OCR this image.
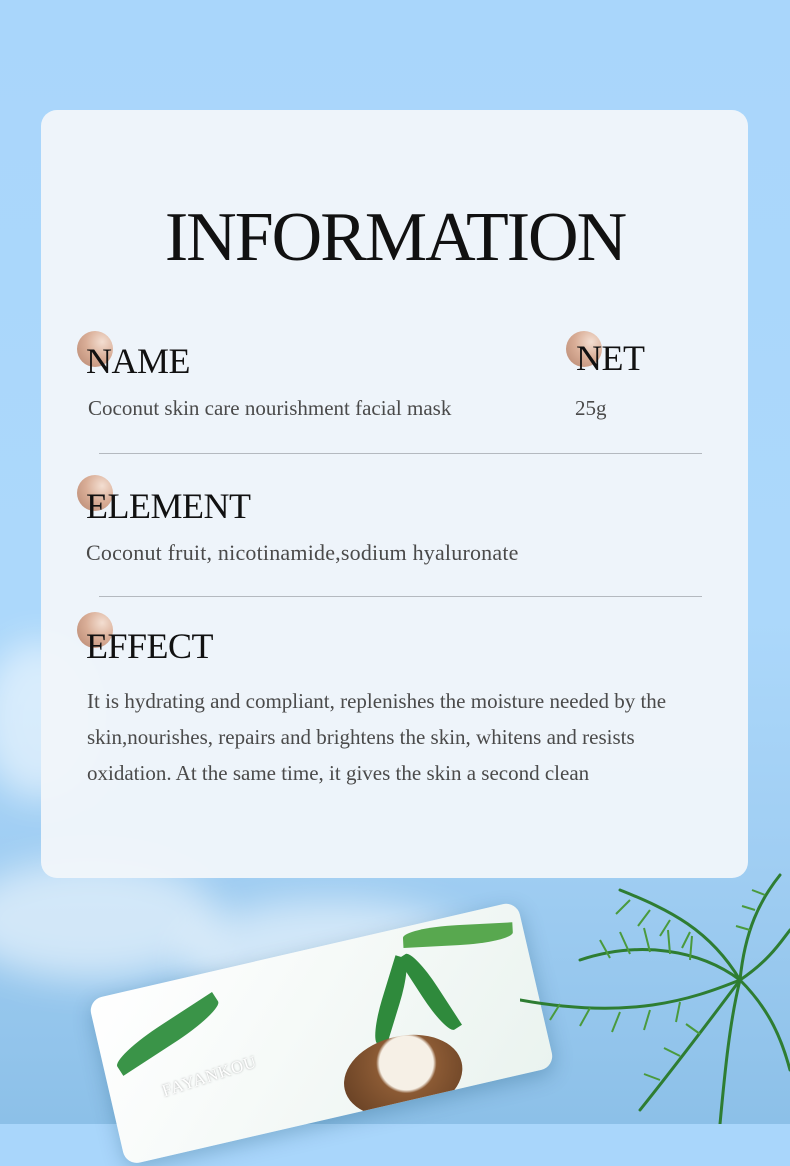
INFORMATION
NAME
Coconut skin care nourishment facial mask
NET
25g
ELEMENT
Coconut fruit, nicotinamide,sodium hyaluronate
EFFECT

It is hydrating and compliant, replenishes the moisture needed by the skin,nourishes, repairs and brightens the skin, whitens and resists oxidation. At the same time, it gives the skin a second clean

FAYANKOU
